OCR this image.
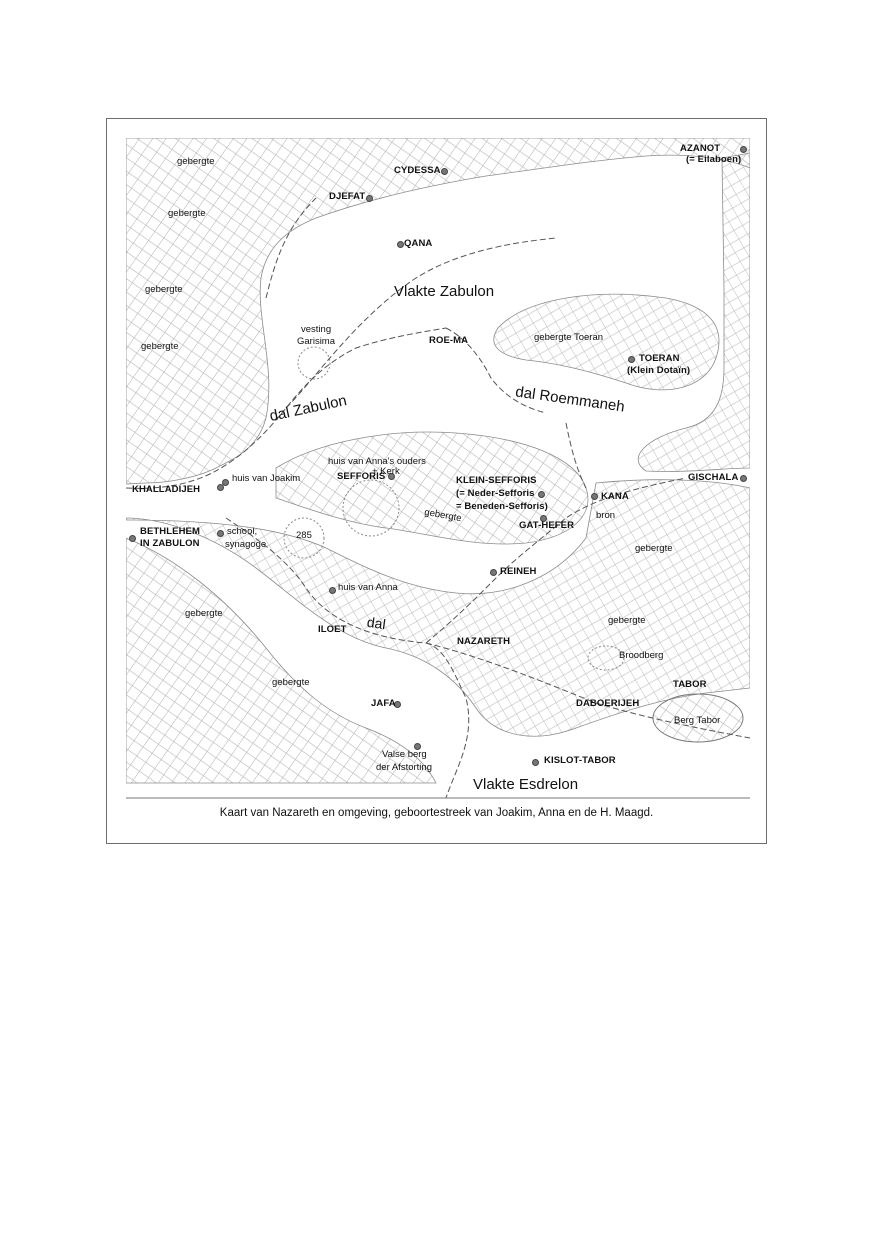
AZANOT
(= Eilaboen)
gebergte
CYDESSA
DJEFAT
gebergte
QANA
gebergte	Vlakte Zabulon
vesting
Garisima	ROE-MA	gebergte Toeran
gebergte
TOERAN
(Klein Dotaïn)
dal Zabulon	dal Roemmaneh
huis van Anna's ouders
+ Kerk
SEFFORIS
huis van Joakim
KHALLADIJEH
KLEIN-SEFFORIS
(= Neder-Sefforis
= Beneden-Sefforis)
KANA
GISCHALA
bron
gebergte
GAT-HEFER
BETHLEHEM
IN ZABULON
school,
synagoge
285
gebergte
REINEH
huis van Anna
gebergte
gebergte
ILOET dal
NAZARETH
Broodberg
gebergte	TABOR
JAFA	DABOERIJEH
Berg Tabor
Valse berg
der Afstorting
KISLOT-TABOR
Vlakte Esdrelon
Kaart van Nazareth en omgeving, geboortestreek van Joakim, Anna en de H. Maagd.
